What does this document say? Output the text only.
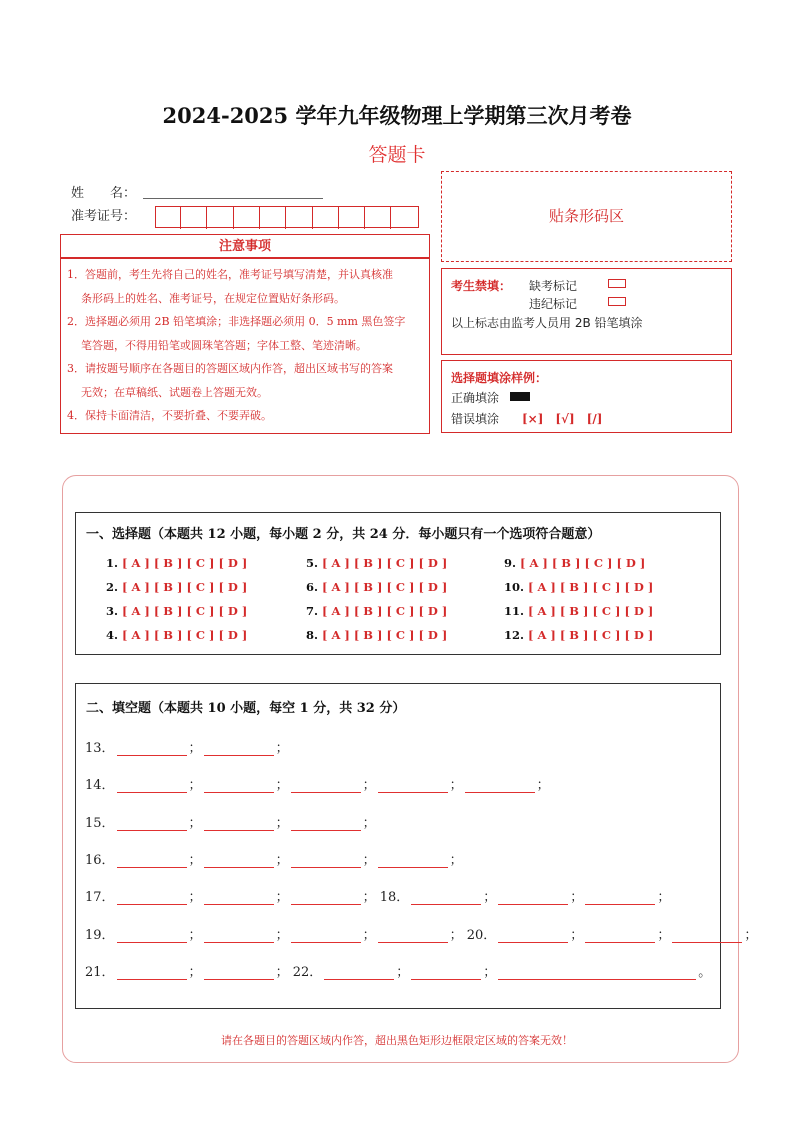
2024-2025 学年九年级物理上学期第三次月考卷
答题卡
姓　　名：
准考证号：
注意事项
1．答题前，考生先将自己的姓名，准考证号填写清楚，并认真核准
条形码上的姓名、准考证号，在规定位置贴好条形码。
2．选择题必须用 2B 铅笔填涂；非选择题必须用 0．5 mm 黑色签字
笔答题，不得用铅笔或圆珠笔答题；字体工整、笔迹清晰。
3．请按题号顺序在各题目的答题区域内作答，超出区域书写的答案
无效；在草稿纸、试题卷上答题无效。
4．保持卡面清洁，不要折叠、不要弄破。
贴条形码区
考生禁填： 缺考标记
违纪标记
以上标志由监考人员用 2B 铅笔填涂
选择题填涂样例：
正确填涂
错误填涂 [×]　[√]　[/]
一、选择题（本题共 12 小题，每小题 2 分，共 24 分．每小题只有一个选项符合题意）
1. [ A ] [ B ] [ C ] [ D ]
2. [ A ] [ B ] [ C ] [ D ]
3. [ A ] [ B ] [ C ] [ D ]
4. [ A ] [ B ] [ C ] [ D ]
5. [ A ] [ B ] [ C ] [ D ]
6. [ A ] [ B ] [ C ] [ D ]
7. [ A ] [ B ] [ C ] [ D ]
8. [ A ] [ B ] [ C ] [ D ]
9. [ A ] [ B ] [ C ] [ D ]
10. [ A ] [ B ] [ C ] [ D ]
11. [ A ] [ B ] [ C ] [ D ]
12. [ A ] [ B ] [ C ] [ D ]
二、填空题（本题共 10 小题，每空 1 分，共 32 分）
13．	；	；
14．	；	；	；	；	；
15．	；	；	；
16．	；	；	；	；
17．	；	；	； 18．	；	；	；
19．	；	；	；	； 20．	；	；	；
21．	；	； 22．	；	；	。
请在各题目的答题区域内作答，超出黑色矩形边框限定区域的答案无效！
